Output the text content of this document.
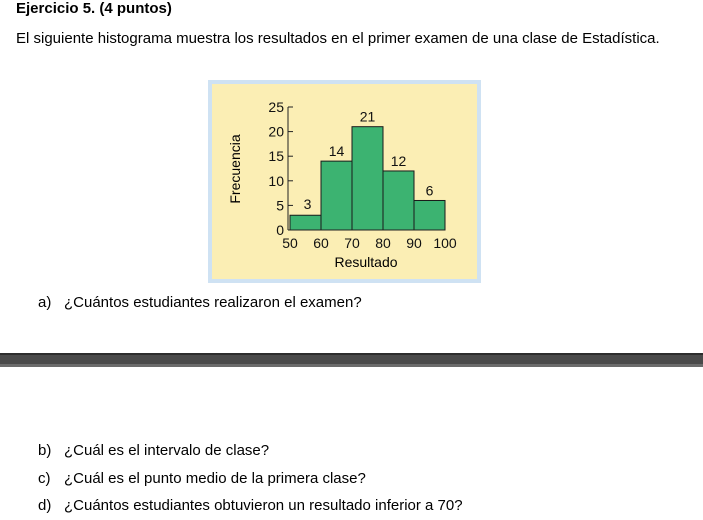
Ejercicio 5. (4 puntos)
El siguiente histograma muestra los resultados en el primer examen de una clase de Estadística.
0
5
10
15
20
25
3
14
21
12
6
50 60 70 80 90 100
Frecuencia
Resultado
a) ¿Cuántos estudiantes realizaron el examen?
b) ¿Cuál es el intervalo de clase?
c) ¿Cuál es el punto medio de la primera clase?
d) ¿Cuántos estudiantes obtuvieron un resultado inferior a 70?
